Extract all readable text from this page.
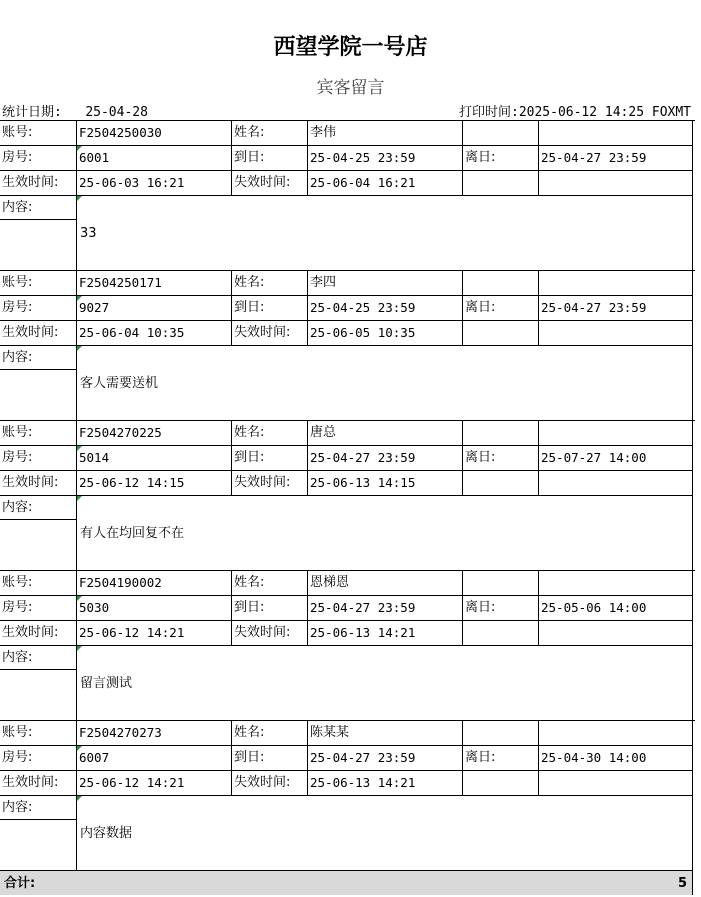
西望学院一号店
宾客留言
统计日期: 25-04-28	打印时间:2025-06-12 14:25 FOXMT
账号:	F2504250030	姓名:	李伟
房号:	6001	到日:	25-04-25 23:59	离日:	25-04-27 23:59
生效时间:	25-06-03 16:21	失效时间:	25-06-04 16:21
内容:
33
账号:	F2504250171	姓名:	李四
房号:	9027	到日:	25-04-25 23:59	离日:	25-04-27 23:59
生效时间:	25-06-04 10:35	失效时间:	25-06-05 10:35
内容:
客人需要送机
账号:	F2504270225	姓名:	唐总
房号:	5014	到日:	25-04-27 23:59	离日:	25-07-27 14:00
生效时间:	25-06-12 14:15	失效时间:	25-06-13 14:15
内容:
有人在均回复不在
账号:	F2504190002	姓名:	恩梯恩
房号:	5030	到日:	25-04-27 23:59	离日:	25-05-06 14:00
生效时间:	25-06-12 14:21	失效时间:	25-06-13 14:21
内容:
留言测试
账号:	F2504270273	姓名:	陈某某
房号:	6007	到日:	25-04-27 23:59	离日:	25-04-30 14:00
生效时间:	25-06-12 14:21	失效时间:	25-06-13 14:21
内容:
内容数据
合计:	5
